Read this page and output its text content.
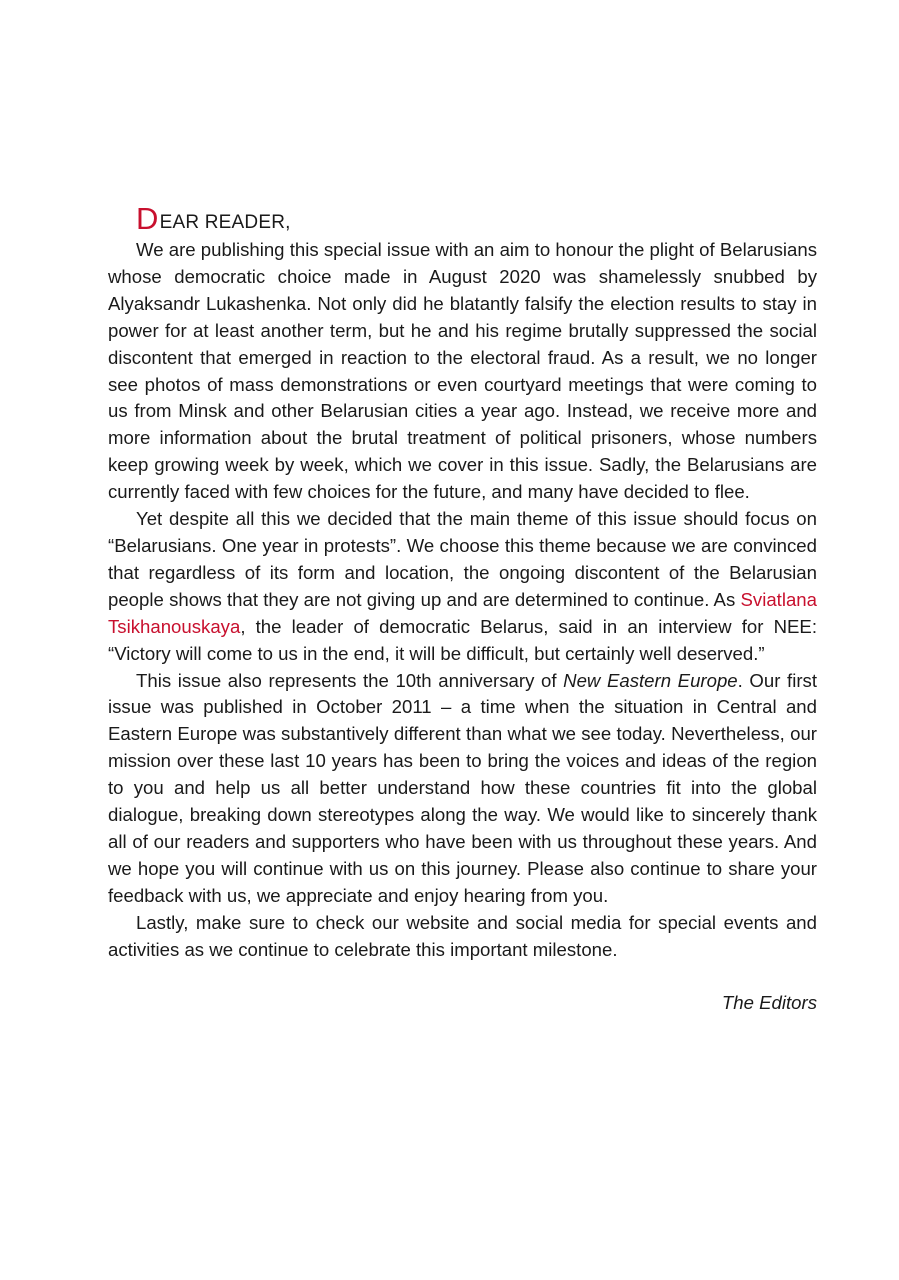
DEAR READER,

We are publishing this special issue with an aim to honour the plight of Belarusians whose democratic choice made in August 2020 was shamelessly snubbed by Alyaksandr Lukashenka. Not only did he blatantly falsify the election results to stay in power for at least another term, but he and his regime brutally suppressed the social discontent that emerged in reaction to the electoral fraud. As a result, we no longer see photos of mass demonstrations or even courtyard meetings that were coming to us from Minsk and other Belarusian cities a year ago. Instead, we receive more and more information about the brutal treatment of political prisoners, whose numbers keep growing week by week, which we cover in this issue. Sadly, the Belarusians are currently faced with few choices for the future, and many have decided to flee.

Yet despite all this we decided that the main theme of this issue should focus on “Belarusians. One year in protests”. We choose this theme because we are convinced that regardless of its form and location, the ongoing discontent of the Belarusian people shows that they are not giving up and are determined to continue. As Sviatlana Tsikhanouskaya, the leader of democratic Belarus, said in an interview for NEE: “Victory will come to us in the end, it will be difficult, but certainly well deserved.”

This issue also represents the 10th anniversary of New Eastern Europe. Our first issue was published in October 2011 – a time when the situation in Central and Eastern Europe was substantively different than what we see today. Nevertheless, our mission over these last 10 years has been to bring the voices and ideas of the region to you and help us all better understand how these countries fit into the global dialogue, breaking down stereotypes along the way. We would like to sincerely thank all of our readers and supporters who have been with us throughout these years. And we hope you will continue with us on this journey. Please also continue to share your feedback with us, we appreciate and enjoy hearing from you.

Lastly, make sure to check our website and social media for special events and activities as we continue to celebrate this important milestone.

The Editors
